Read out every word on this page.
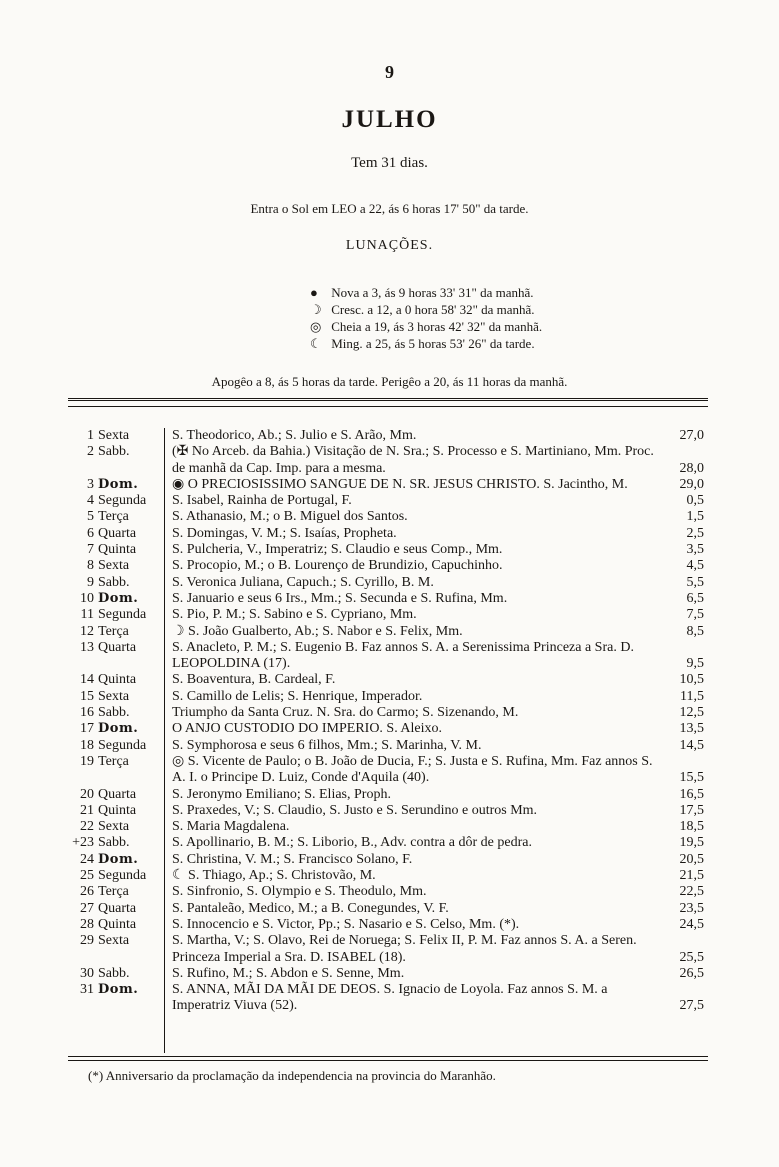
9
JULHO
Tem 31 dias.
Entra o Sol em LEO a 22, ás 6 horas 17' 50" da tarde.
LUNAÇÕES.
● Nova a 3, ás 9 horas 33' 31" da manhã.
☽ Cresc. a 12, a 0 hora 58' 32" da manhã.
◎ Cheia a 19, ás 3 horas 42' 32" da manhã.
☾ Ming. a 25, ás 5 horas 53' 26" da tarde.
Apogêo a 8, ás 5 horas da tarde. Perigêo a 20, ás 11 horas da manhã.
1 Sexta	S. Theodorico, Ab.; S. Julio e S. Arão, Mm.	27,0
2 Sabb.	(✠ No Arceb. da Bahia.) Visitação de N. Sra.; S. Processo e S. Martiniano, Mm. Proc. de manhã da Cap. Imp. para a mesma.	28,0
3 Dom.	◉ O PRECIOSISSIMO SANGUE DE N. SR. JESUS CHRISTO. S. Jacintho, M.	29,0
4 Segunda	S. Isabel, Rainha de Portugal, F.	0,5
5 Terça	S. Athanasio, M.; o B. Miguel dos Santos.	1,5
6 Quarta	S. Domingas, V. M.; S. Isaías, Propheta.	2,5
7 Quinta	S. Pulcheria, V., Imperatriz; S. Claudio e seus Comp., Mm.	3,5
8 Sexta	S. Procopio, M.; o B. Lourenço de Brundizio, Capuchinho.	4,5
9 Sabb.	S. Veronica Juliana, Capuch.; S. Cyrillo, B. M.	5,5
10 Dom.	S. Januario e seus 6 Irs., Mm.; S. Secunda e S. Rufina, Mm.	6,5
11 Segunda	S. Pio, P. M.; S. Sabino e S. Cypriano, Mm.	7,5
12 Terça	☽ S. João Gualberto, Ab.; S. Nabor e S. Felix, Mm.	8,5
13 Quarta	S. Anacleto, P. M.; S. Eugenio B. Faz annos S. A. a Serenissima Princeza a Sra. D. LEOPOLDINA (17).	9,5
14 Quinta	S. Boaventura, B. Cardeal, F.	10,5
15 Sexta	S. Camillo de Lelis; S. Henrique, Imperador.	11,5
16 Sabb.	Triumpho da Santa Cruz. N. Sra. do Carmo; S. Sizenando, M.	12,5
17 Dom.	O ANJO CUSTODIO DO IMPERIO. S. Aleixo.	13,5
18 Segunda	S. Symphorosa e seus 6 filhos, Mm.; S. Marinha, V. M.	14,5
19 Terça	◎ S. Vicente de Paulo; o B. João de Ducia, F.; S. Justa e S. Rufina, Mm. Faz annos S. A. I. o Principe D. Luiz, Conde d'Aquila (40).	15,5
20 Quarta	S. Jeronymo Emiliano; S. Elias, Proph.	16,5
21 Quinta	S. Praxedes, V.; S. Claudio, S. Justo e S. Serundino e outros Mm.	17,5
22 Sexta	S. Maria Magdalena.	18,5
+23 Sabb.	S. Apollinario, B. M.; S. Liborio, B., Adv. contra a dôr de pedra.	19,5
24 Dom.	S. Christina, V. M.; S. Francisco Solano, F.	20,5
25 Segunda	☾ S. Thiago, Ap.; S. Christovão, M.	21,5
26 Terça	S. Sinfronio, S. Olympio e S. Theodulo, Mm.	22,5
27 Quarta	S. Pantaleão, Medico, M.; a B. Conegundes, V. F.	23,5
28 Quinta	S. Innocencio e S. Victor, Pp.; S. Nasario e S. Celso, Mm. (*).	24,5
29 Sexta	S. Martha, V.; S. Olavo, Rei de Noruega; S. Felix II, P. M. Faz annos S. A. a Seren. Princeza Imperial a Sra. D. ISABEL (18).	25,5
30 Sabb.	S. Rufino, M.; S. Abdon e S. Senne, Mm.	26,5
31 Dom.	S. ANNA, MÃI DA MÃI DE DEOS. S. Ignacio de Loyola. Faz annos S. M. a Imperatriz Viuva (52).	27,5
(*) Anniversario da proclamação da independencia na provincia do Maranhão.
